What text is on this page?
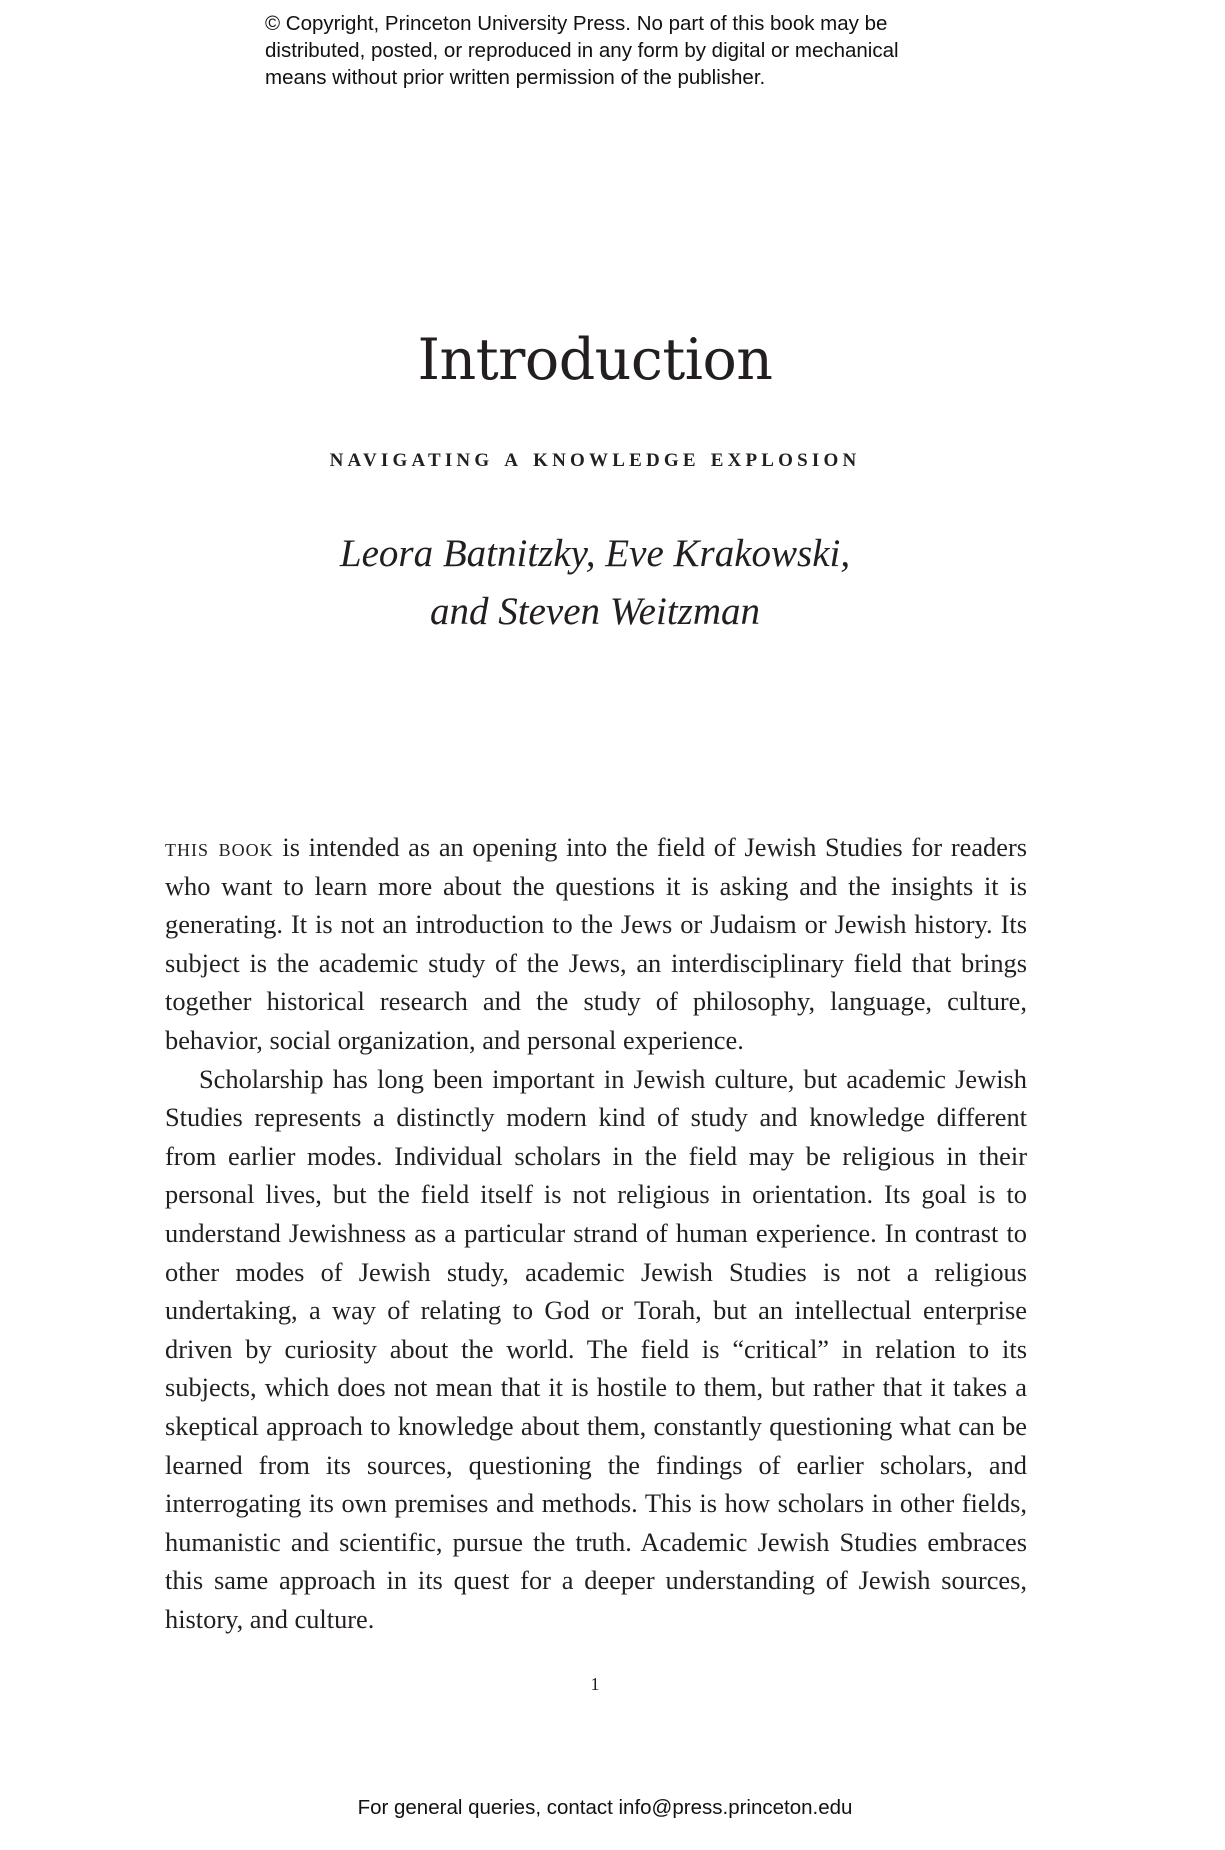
© Copyright, Princeton University Press. No part of this book may be
distributed, posted, or reproduced in any form by digital or mechanical
means without prior written permission of the publisher.
Introduction
navigating a knowledge explosion
Leora Batnitzky, Eve Krakowski,
and Steven Weitzman

this book is intended as an opening into the field of Jewish Studies for readers who want to learn more about the questions it is asking and the insights it is generating. It is not an introduction to the Jews or Judaism or Jewish history. Its subject is the academic study of the Jews, an interdisciplinary field that brings together historical research and the study of philosophy, language, culture, behavior, social organization, and personal experience.

Scholarship has long been important in Jewish culture, but academic Jewish Studies represents a distinctly modern kind of study and knowledge different from earlier modes. Individual scholars in the field may be religious in their personal lives, but the field itself is not religious in orientation. Its goal is to understand Jewishness as a particular strand of human experience. In contrast to other modes of Jewish study, academic Jewish Studies is not a religious undertaking, a way of relating to God or Torah, but an intellectual enterprise driven by curiosity about the world. The field is “critical” in relation to its subjects, which does not mean that it is hostile to them, but rather that it takes a skeptical approach to knowledge about them, constantly questioning what can be learned from its sources, questioning the findings of earlier scholars, and interrogating its own premises and methods. This is how scholars in other fields, humanistic and scientific, pursue the truth. Academic Jewish Studies embraces this same approach in its quest for a deeper understanding of Jewish sources, history, and culture.

1
For general queries, contact info@press.princeton.edu
